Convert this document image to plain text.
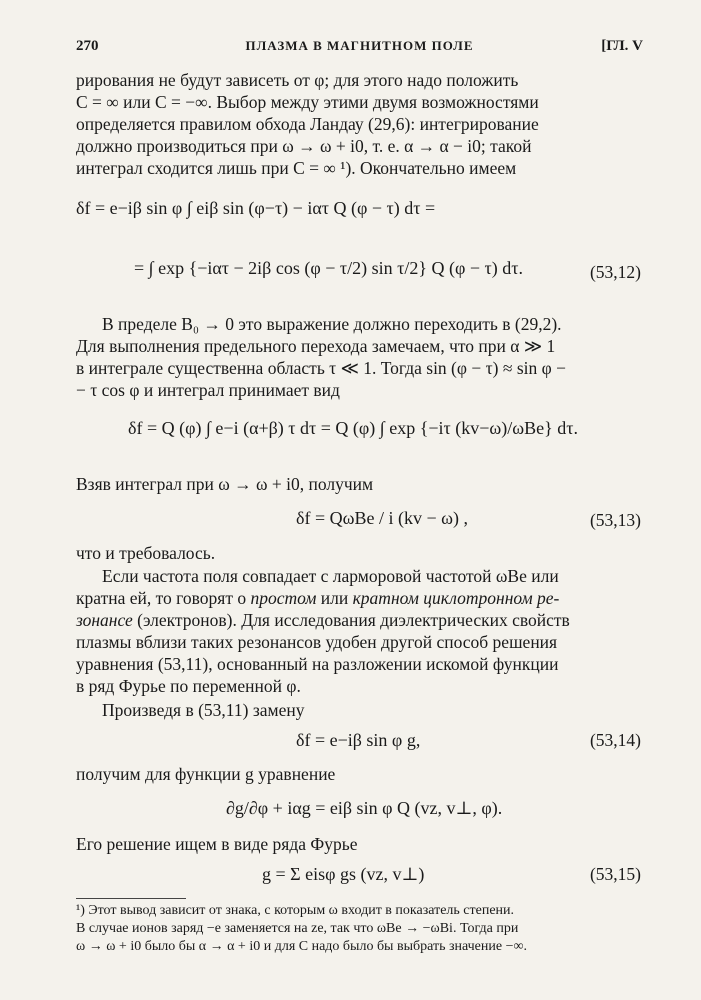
270	ПЛАЗМА В МАГНИТНОМ ПОЛЕ	[ГЛ. V
рирования не будут зависеть от φ; для этого надо положить
C = ∞ или C = −∞. Выбор между этими двумя возможностями
определяется правилом обхода Ландау (29,6): интегрирование
должно производиться при ω → ω + i0, т. е. α → α − i0; такой
интеграл сходится лишь при C = ∞ ¹). Окончательно имеем
δf = e−iβ sin φ ∫ eiβ sin (φ−τ) − iατ Q (φ − τ) dτ =
= ∫ exp {−iατ − 2iβ cos (φ − τ/2) sin τ/2} Q (φ − τ) dτ.	(53,12)
В пределе B₀ → 0 это выражение должно переходить в (29,2).
Для выполнения предельного перехода замечаем, что при α ≫ 1
в интеграле существенна область τ ≪ 1. Тогда sin (φ − τ) ≈ sin φ −
− τ cos φ и интеграл принимает вид
δf = Q (φ) ∫ e−i (α+β) τ dτ = Q (φ) ∫ exp {−iτ (kv−ω)/ωBe} dτ.
Взяв интеграл при ω → ω + i0, получим
δf = QωBe / i (kv − ω) ,	(53,13)
что и требовалось.
Если частота поля совпадает с ларморовой частотой ωBe или
кратна ей, то говорят о простом или кратном циклотронном ре-
зонансе (электронов). Для исследования диэлектрических свойств
плазмы вблизи таких резонансов удобен другой способ решения
уравнения (53,11), основанный на разложении искомой функции
в ряд Фурье по переменной φ.
Произведя в (53,11) замену
δf = e−iβ sin φ g,	(53,14)
получим для функции g уравнение
∂g/∂φ + iαg = eiβ sin φ Q (vz, v⊥, φ).
Его решение ищем в виде ряда Фурье
g = Σ eisφ gs (vz, v⊥)	(53,15)
¹) Этот вывод зависит от знака, с которым ω входит в показатель степени.
В случае ионов заряд −e заменяется на ze, так что ωBe → −ωBi. Тогда при
ω → ω + i0 было бы α → α + i0 и для C надо было бы выбрать значение −∞.
